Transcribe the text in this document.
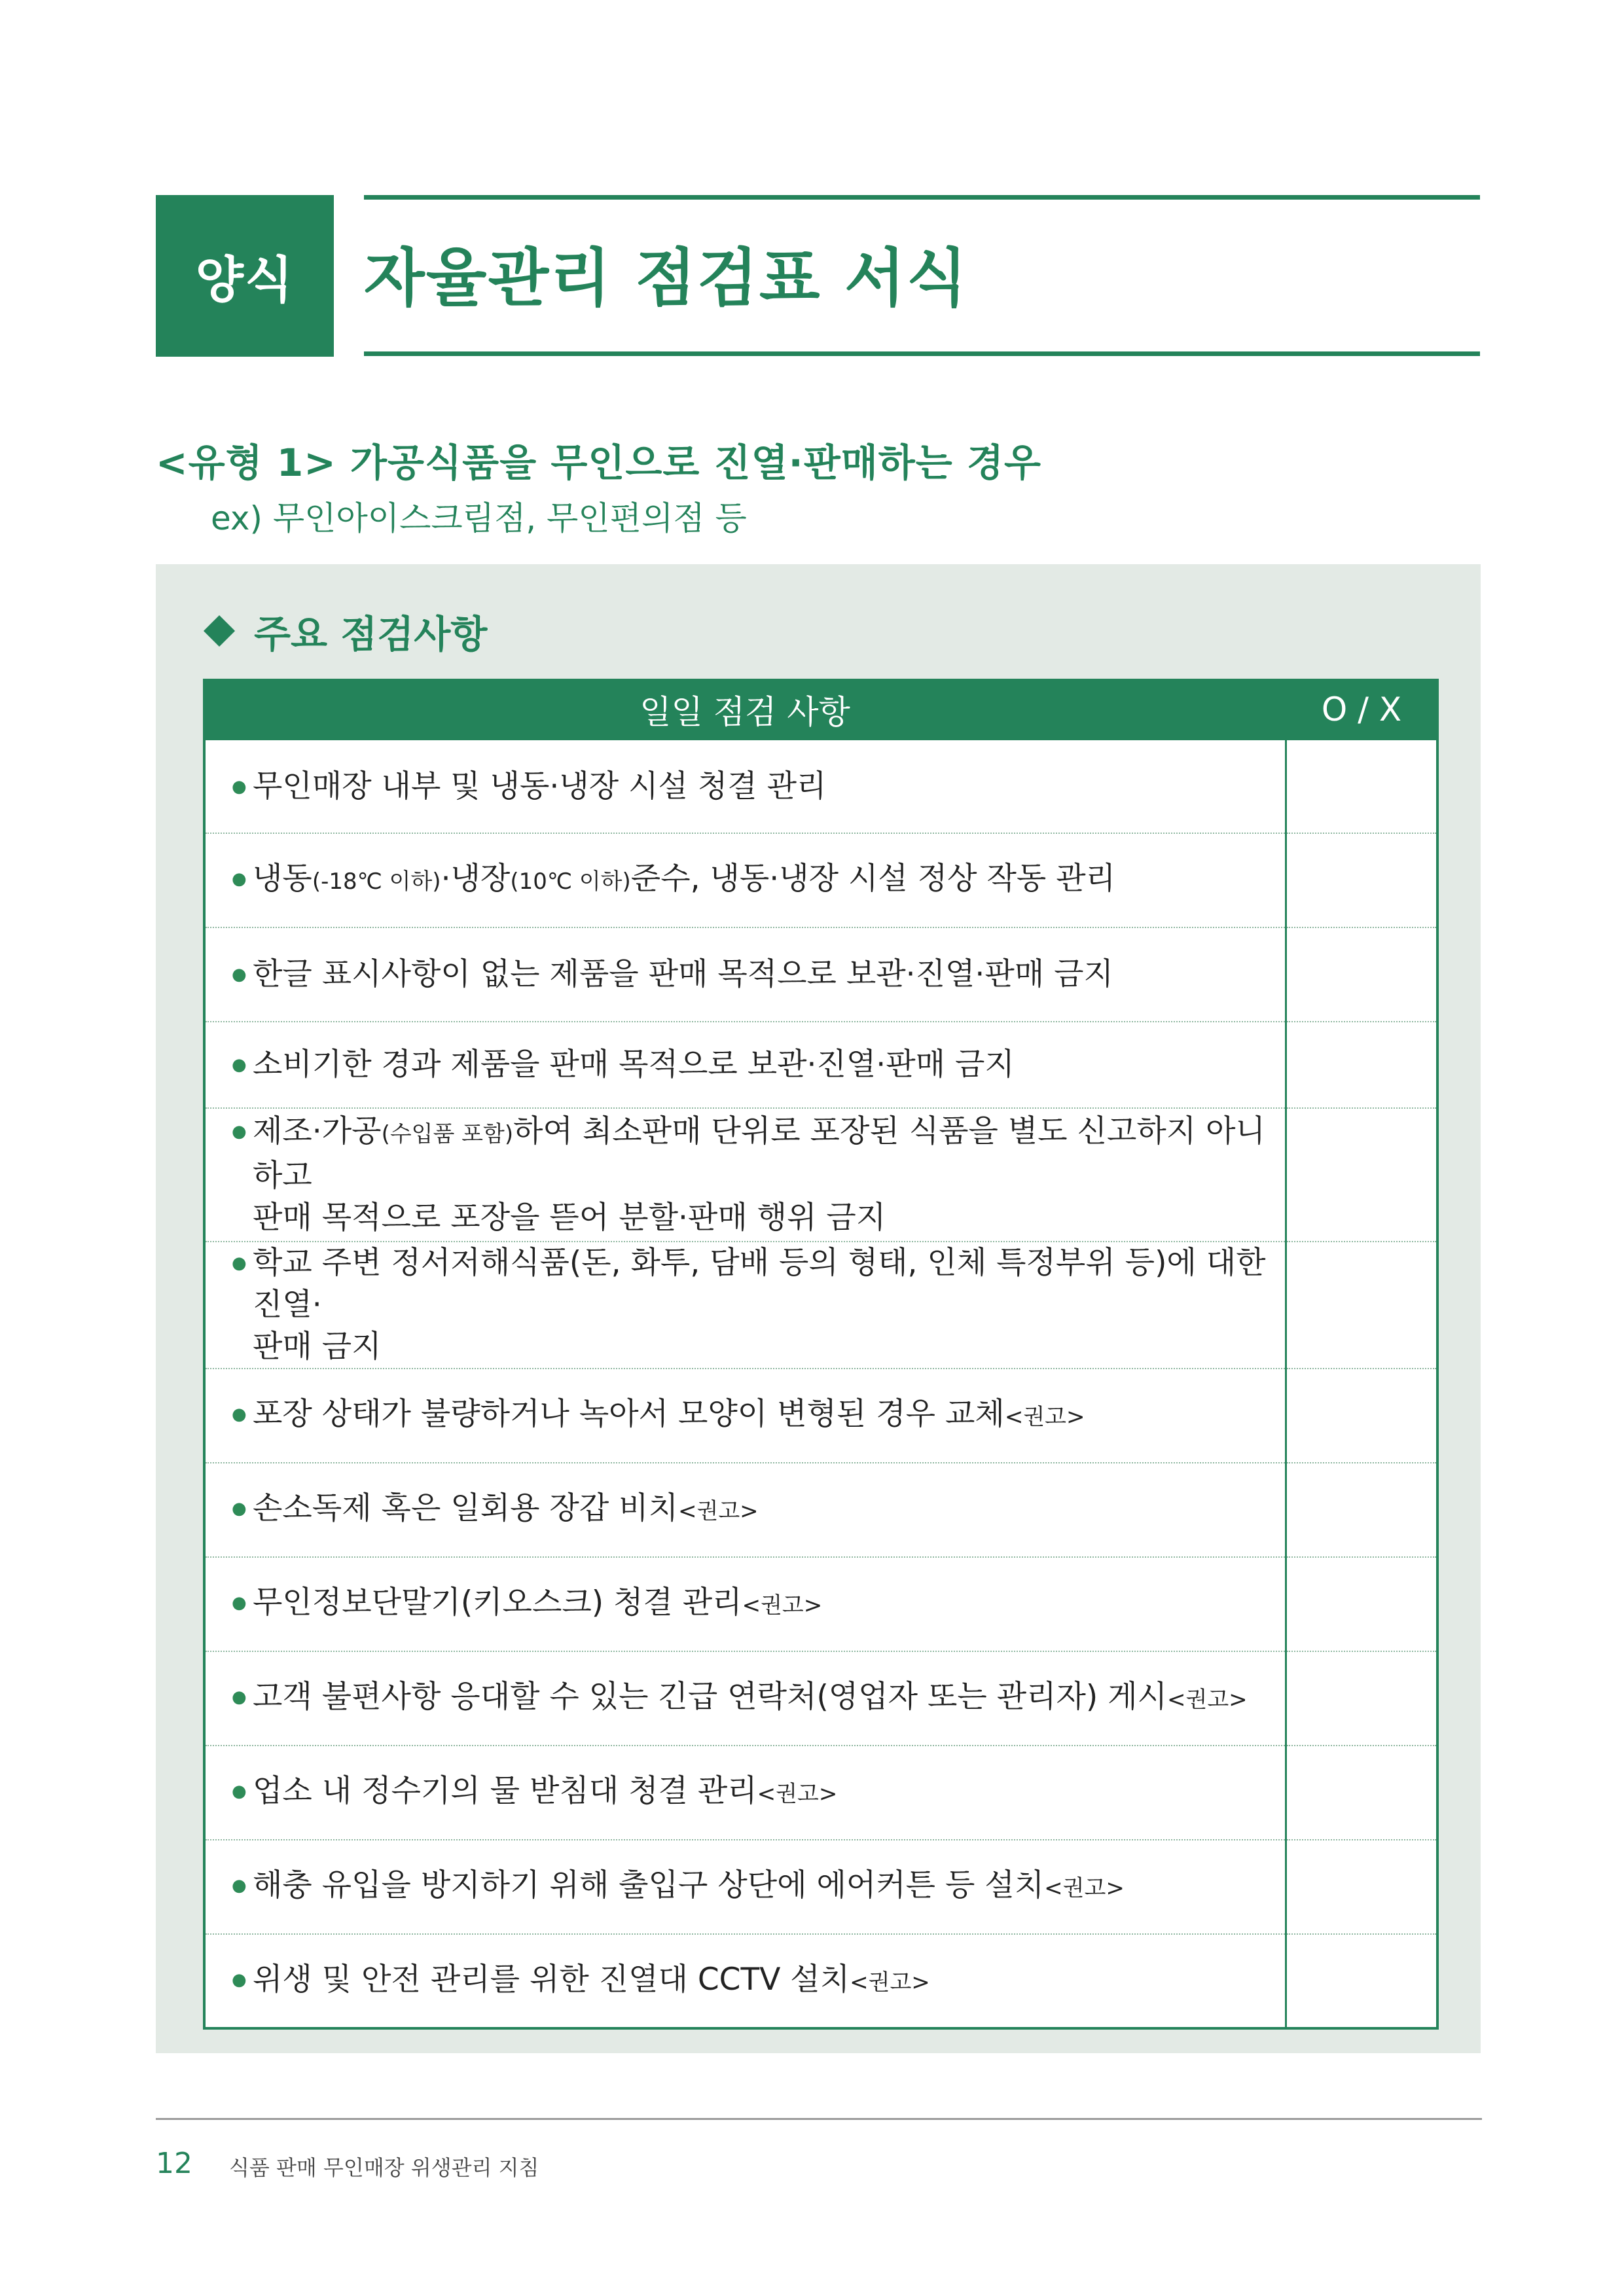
양식 자율관리 점검표 서식
<유형 1> 가공식품을 무인으로 진열·판매하는 경우
ex) 무인아이스크림점, 무인편의점 등
주요 점검사항
일일 점검 사항	O / X

● 무인매장 내부 및 냉동·냉장 시설 청결 관리	

● 냉동(-18℃ 이하)·냉장(10℃ 이하)준수, 냉동·냉장 시설 정상 작동 관리	

● 한글 표시사항이 없는 제품을 판매 목적으로 보관·진열·판매 금지	

● 소비기한 경과 제품을 판매 목적으로 보관·진열·판매 금지	

● 제조·가공(수입품 포함)하여 최소판매 단위로 포장된 식품을 별도 신고하지 아니하고
판매 목적으로 포장을 뜯어 분할·판매 행위 금지	

● 학교 주변 정서저해식품(돈, 화투, 담배 등의 형태, 인체 특정부위 등)에 대한 진열·
판매 금지	

● 포장 상태가 불량하거나 녹아서 모양이 변형된 경우 교체<권고>	

● 손소독제 혹은 일회용 장갑 비치<권고>	

● 무인정보단말기(키오스크) 청결 관리<권고>	

● 고객 불편사항 응대할 수 있는 긴급 연락처(영업자 또는 관리자) 게시<권고>	

● 업소 내 정수기의 물 받침대 청결 관리<권고>	

● 해충 유입을 방지하기 위해 출입구 상단에 에어커튼 등 설치<권고>	

● 위생 및 안전 관리를 위한 진열대 CCTV 설치<권고>	

12 식품 판매 무인매장 위생관리 지침
